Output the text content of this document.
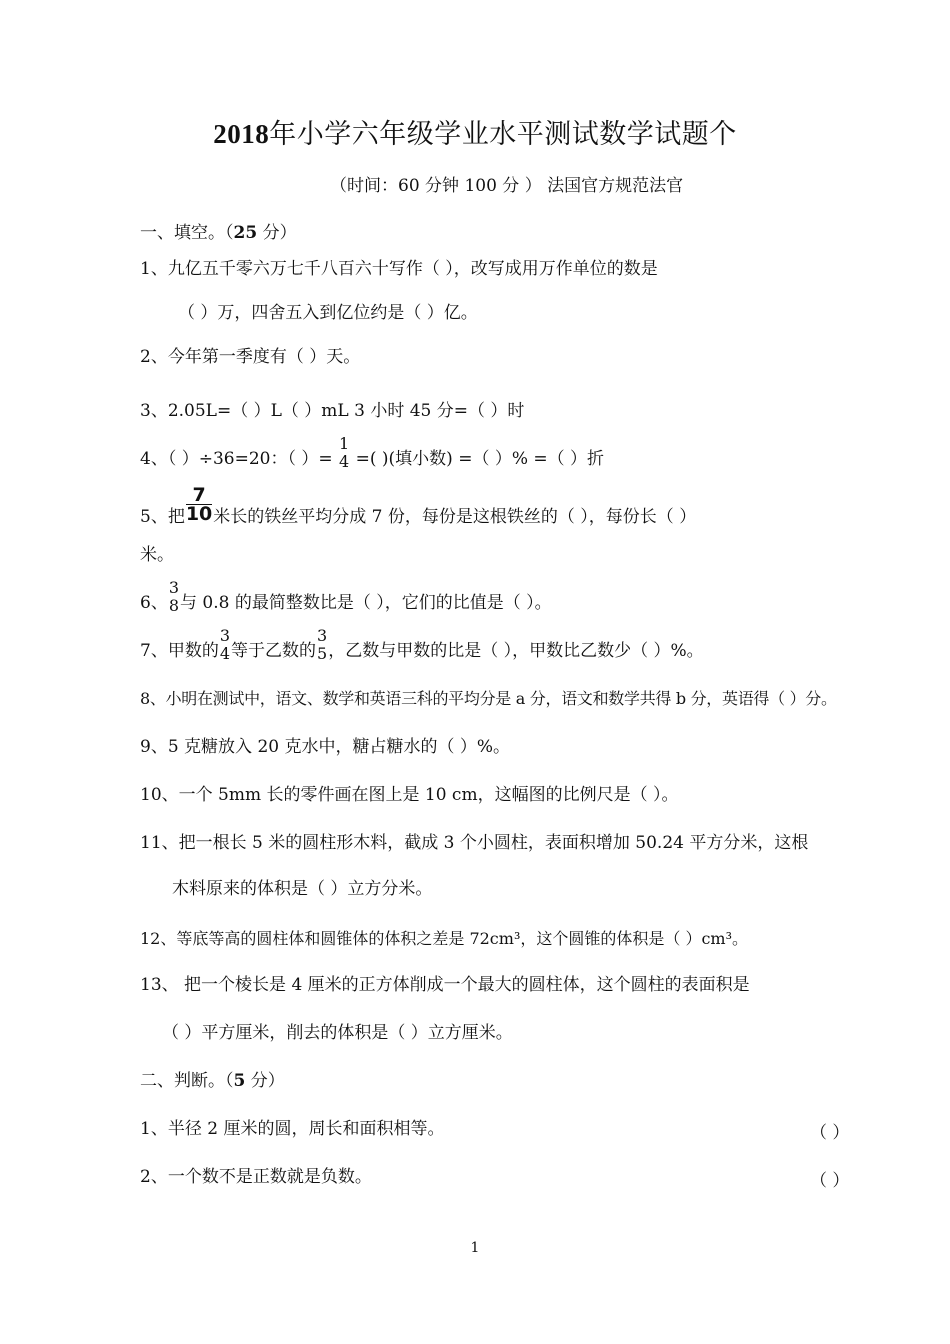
2018年小学六年级学业水平测试数学试题个
（时间：60 分钟 100 分 ） 法国官方规范法官
一、填空。（25 分）
1、九亿五千零六万七千八百六十写作（ ），改写成用万作单位的数是
（ ）万，四舍五入到亿位约是（ ）亿。
2、今年第一季度有（ ）天。
3、2.05L=（ ）L（ ）mL 3 小时 45 分=（ ）时
4、（ ）÷36=20：（ ）=
1
4 =( )(填小数) =（ ）% =（ ）折
5、把 $\frac{7}{10}$ 米长的铁丝平均分成 7 份，每份是这根铁丝的（ ），每份长（ ）
米。
6、
3
8 与 0.8 的最简整数比是（ ），它们的比值是（ ）。
7、甲数的
3
4 等于乙数的
3
5 ，乙数与甲数的比是（ ），甲数比乙数少（ ）%。
8、小明在测试中，语文、数学和英语三科的平均分是 a 分，语文和数学共得 b 分，英语得（ ）分。
9、5 克糖放入 20 克水中，糖占糖水的（ ）%。
10、一个 5mm 长的零件画在图上是 10 cm，这幅图的比例尺是（ ）。
11、把一根长 5 米的圆柱形木料，截成 3 个小圆柱，表面积增加 50.24 平方分米，这根
木料原来的体积是（ ）立方分米。
12、等底等高的圆柱体和圆锥体的体积之差是 72cm³，这个圆锥的体积是（ ）cm³。
13、 把一个棱长是 4 厘米的正方体削成一个最大的圆柱体，这个圆柱的表面积是
（ ）平方厘米，削去的体积是（ ）立方厘米。
二、判断。（5 分）
1、半径 2 厘米的圆，周长和面积相等。	（ ）
2、一个数不是正数就是负数。	（ ）
1
